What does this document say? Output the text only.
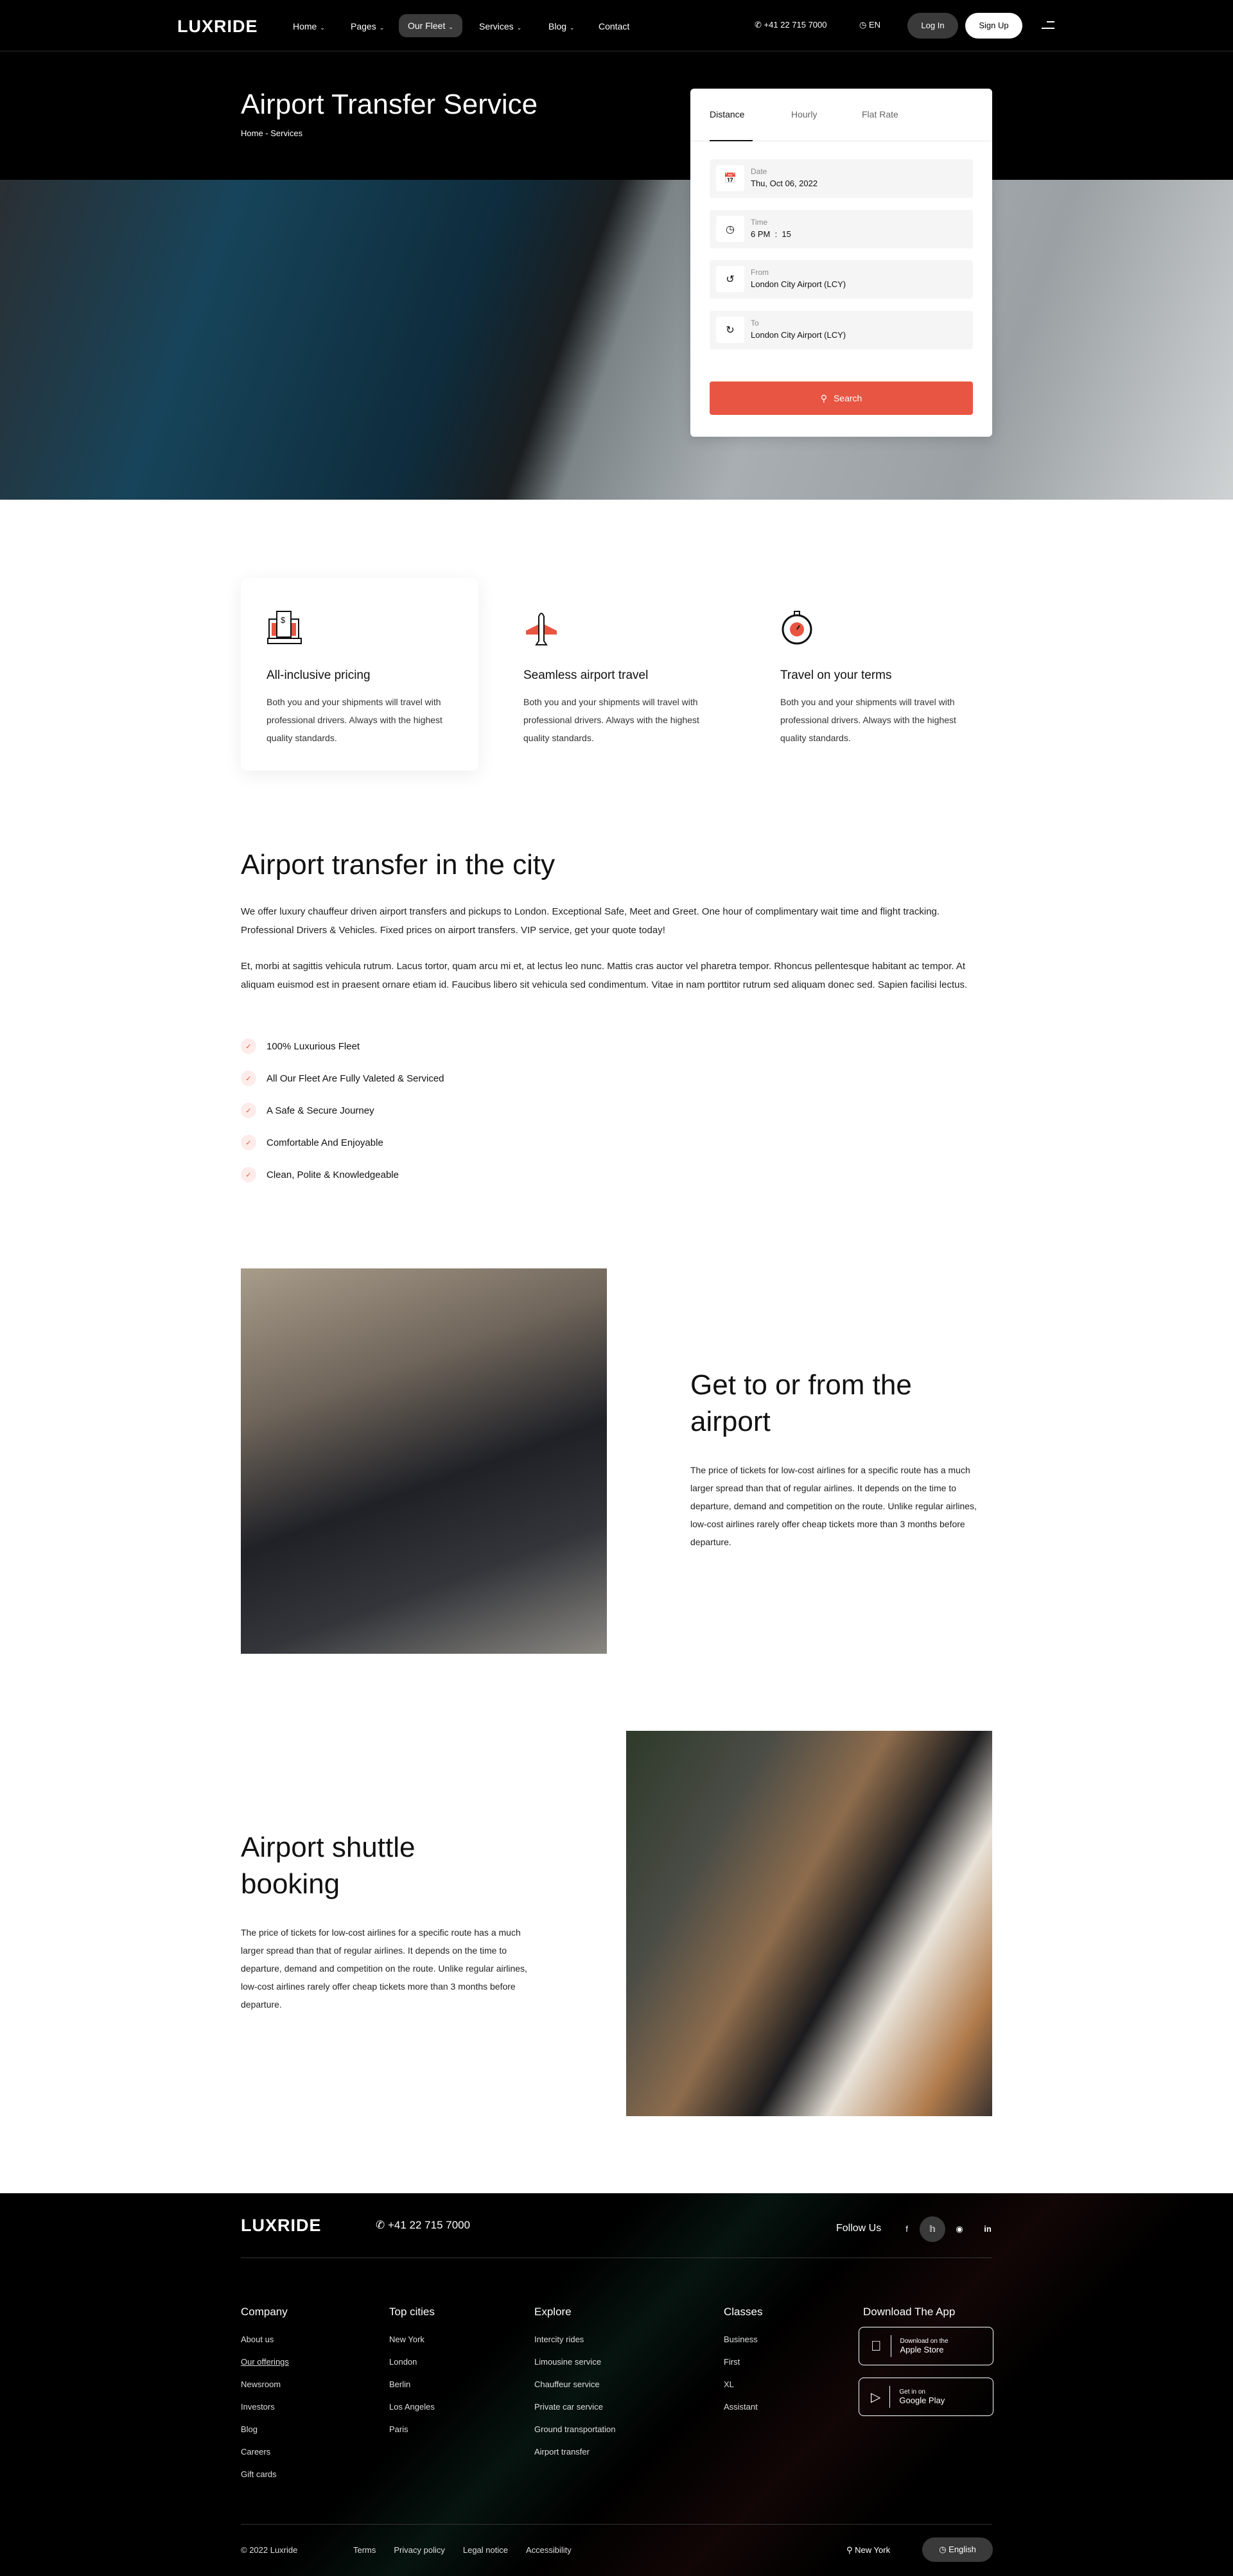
LUXRIDE	Home ⌄	Pages ⌄	Our Fleet ⌄	Services ⌄	Blog ⌄	Contact	✆ +41 22 715 7000	◷ EN	Log In	Sign Up
Airport Transfer Service
Home - Services
Distance	Hourly	Flat Rate
📅
Date
Thu, Oct 06, 2022
◷
Time
6 PM  :  15
↺
From
London City Airport (LCY)
↻
To
London City Airport (LCY)
⚲ Search
$
All-inclusive pricing

Both you and your shipments will travel with professional drivers. Always with the highest quality standards.

Seamless airport travel

Both you and your shipments will travel with professional drivers. Always with the highest quality standards.

Travel on your terms

Both you and your shipments will travel with professional drivers. Always with the highest quality standards.

Airport transfer in the city

We offer luxury chauffeur driven airport transfers and pickups to London. Exceptional Safe, Meet and Greet. One hour of complimentary wait time and flight tracking. Professional Drivers & Vehicles. Fixed prices on airport transfers. VIP service, get your quote today!

Et, morbi at sagittis vehicula rutrum. Lacus tortor, quam arcu mi et, at lectus leo nunc. Mattis cras auctor vel pharetra tempor. Rhoncus pellentesque habitant ac tempor. At aliquam euismod est in praesent ornare etiam id. Faucibus libero sit vehicula sed condimentum. Vitae in nam porttitor rutrum sed aliquam donec sed. Sapien facilisi lectus.

✓	100% Luxurious Fleet
✓	All Our Fleet Are Fully Valeted & Serviced
✓	A Safe & Secure Journey
✓	Comfortable And Enjoyable
✓	Clean, Polite & Knowledgeable
Get to or from the airport

The price of tickets for low-cost airlines for a specific route has a much larger spread than that of regular airlines. It depends on the time to departure, demand and competition on the route. Unlike regular airlines, low-cost airlines rarely offer cheap tickets more than 3 months before departure.

Airport shuttle booking

The price of tickets for low-cost airlines for a specific route has a much larger spread than that of regular airlines. It depends on the time to departure, demand and competition on the route. Unlike regular airlines, low-cost airlines rarely offer cheap tickets more than 3 months before departure.

LUXRIDE	✆ +41 22 715 7000	Follow Us	f	𝕙	◉	in
Company
About us
Our offerings
Newsroom
Investors
Blog
Careers
Gift cards
Top cities
New York
London
Berlin
Los Angeles
Paris
Explore
Intercity rides
Limousine service
Chauffeur service
Private car service
Ground transportation
Airport transfer
Classes
Business
First
XL
Assistant
Download The App
Download on the
Apple Store
▷	Get in on
Google Play
© 2022 Luxride	Terms Privacy policy Legal notice Accessibility	⚲ New York	◷ English
